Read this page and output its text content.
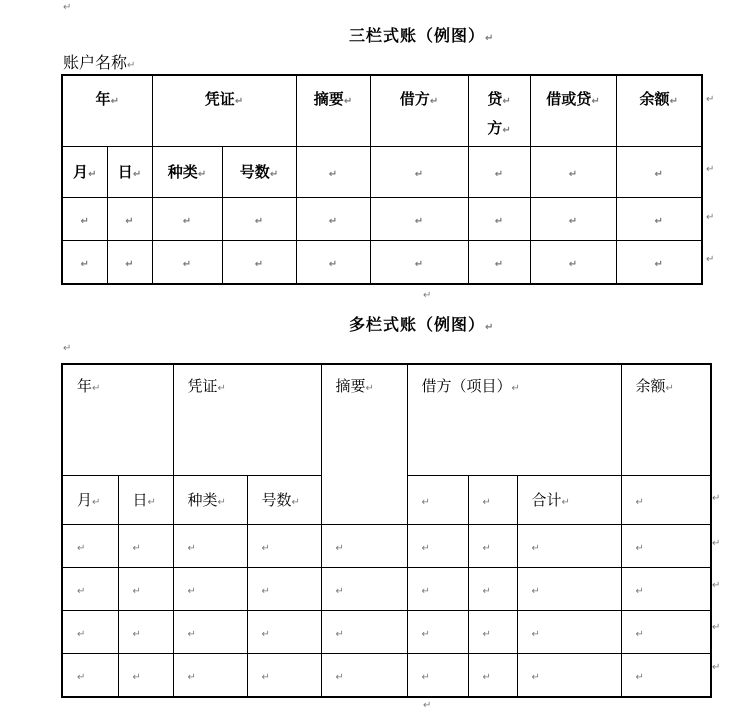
↵
三栏式账（例图）↵
账户名称↵
年↵		凭证↵		摘要↵	借方↵	贷↵
方↵	借或贷↵	余额↵
月↵	日↵	种类↵	号数↵	↵	↵	↵	↵	↵
↵	↵	↵	↵	↵	↵	↵	↵	↵
↵	↵	↵	↵	↵	↵	↵	↵	↵
↵
↵
↵
↵
↵
多栏式账（例图）↵
↵
年↵		凭证↵		摘要↵	借方（项目）↵			余额↵
月↵	日↵	种类↵	号数↵		↵	↵	合计↵	↵
↵	↵	↵	↵	↵	↵	↵	↵	↵
↵	↵	↵	↵	↵	↵	↵	↵	↵
↵	↵	↵	↵	↵	↵	↵	↵	↵
↵	↵	↵	↵	↵	↵	↵	↵	↵
↵
↵
↵
↵
↵
↵
